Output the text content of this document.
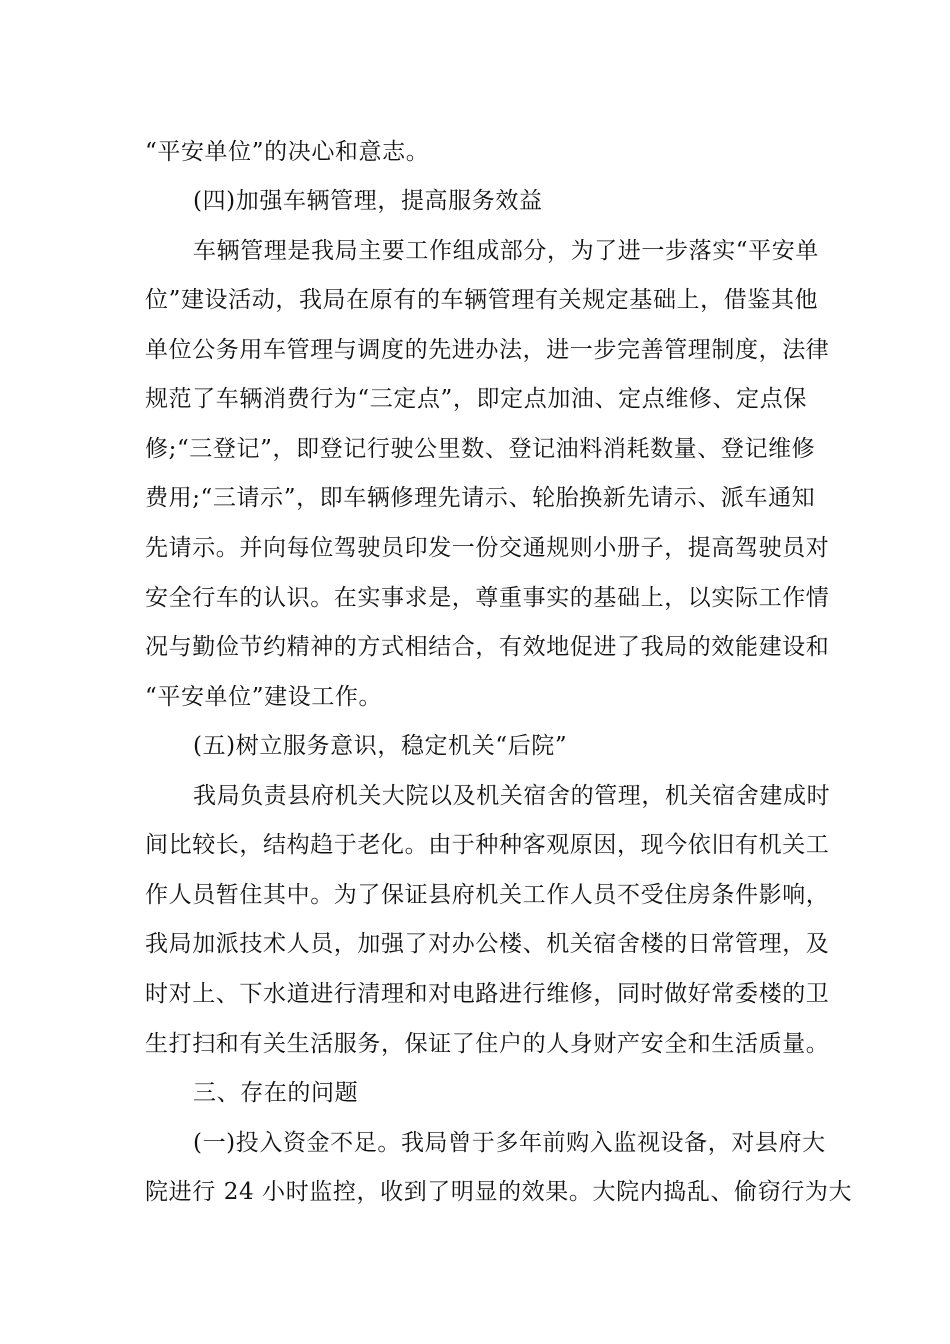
“平安单位”的决心和意志。
(四)加强车辆管理，提高服务效益
车辆管理是我局主要工作组成部分，为了进一步落实“平安单
位”建设活动，我局在原有的车辆管理有关规定基础上，借鉴其他
单位公务用车管理与调度的先进办法，进一步完善管理制度，法律
规范了车辆消费行为“三定点”，即定点加油、定点维修、定点保
修;“三登记”，即登记行驶公里数、登记油料消耗数量、登记维修
费用;“三请示”，即车辆修理先请示、轮胎换新先请示、派车通知
先请示。并向每位驾驶员印发一份交通规则小册子，提高驾驶员对
安全行车的认识。在实事求是，尊重事实的基础上，以实际工作情
况与勤俭节约精神的方式相结合，有效地促进了我局的效能建设和
“平安单位”建设工作。
(五)树立服务意识，稳定机关“后院”
我局负责县府机关大院以及机关宿舍的管理，机关宿舍建成时
间比较长，结构趋于老化。由于种种客观原因，现今依旧有机关工
作人员暂住其中。为了保证县府机关工作人员不受住房条件影响，
我局加派技术人员，加强了对办公楼、机关宿舍楼的日常管理，及
时对上、下水道进行清理和对电路进行维修，同时做好常委楼的卫
生打扫和有关生活服务，保证了住户的人身财产安全和生活质量。
三、存在的问题
(一)投入资金不足。我局曾于多年前购入监视设备，对县府大
院进行 24 小时监控，收到了明显的效果。大院内捣乱、偷窃行为大
